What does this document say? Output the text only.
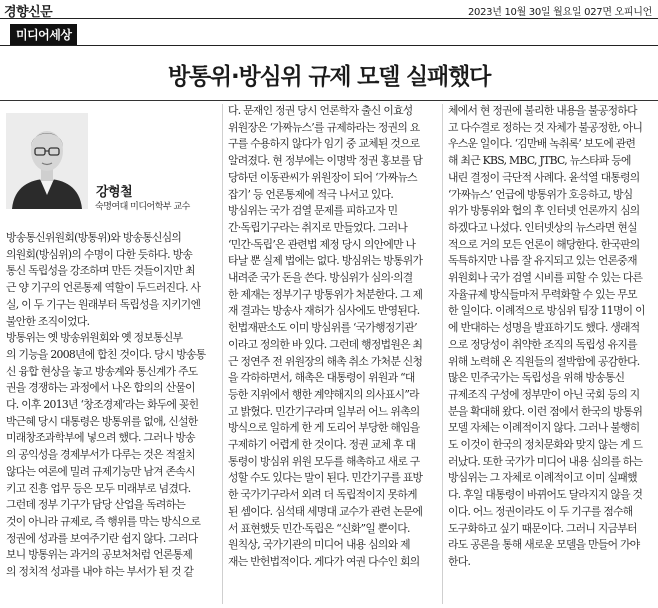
경향신문	2023년 10월 30일 월요일 027면 오피니언
미디어세상
방통위·방심위 규제 모델 실패했다
강형철
숙명여대 미디어학부 교수
방송통신위원회(방통위)와 방송통신심의
의원회(방심위)의 수명이 다한 듯하다. 방송
통신 독립성을 강조하며 만든 것들이지만 최
근 양 기구의 언론통제 역할이 두드러진다. 사
실, 이 두 기구는 원래부터 독립성을 지키기엔
불안한 조직이었다.
방통위는 옛 방송위원회와 옛 정보통신부
의 기능을 2008년에 합친 것이다. 당시 방송통
신 융합 현상을 놓고 방송계와 통신계가 주도
권을 경쟁하는 과정에서 나온 합의의 산물이
다. 이후 2013년 ‘창조경제’라는 화두에 꽂힌
박근혜 당시 대통령은 방통위를 없애, 신설한
미래창조과학부에 넣으려 했다. 그러나 방송
의 공익성을 경제부서가 다루는 것은 적절치
않다는 여론에 밀려 규제기능만 남겨 존속시
키고 진흥 업무 등은 모두 미래부로 넘겼다.
그런데 정부 기구가 담당 산업을 독려하는
것이 아니라 규제로, 즉 행위를 막는 방식으로
정권에 성과를 보여주기란 쉽지 않다. 그러다
보니 방통위는 과거의 공보처처럼 언론통제
의 정치적 성과를 내야 하는 부서가 된 것 같
다. 문재인 정권 당시 언론학자 출신 이효성
위원장은 ‘가짜뉴스’를 규제하라는 정권의 요
구를 수용하지 않다가 임기 중 교체된 것으로
알려졌다. 현 정부에는 이명박 정권 홍보를 담
당하던 이동관씨가 위원장이 되어 ‘가짜뉴스
잡기’ 등 언론통제에 적극 나서고 있다.
방심위는 국가 검열 문제를 피하고자 민
간·독립기구라는 취지로 만들었다. 그러나
‘민간·독립’은 관련법 제정 당시 의안에만 나
타날 뿐 실제 법에는 없다. 방심위는 방통위가
내려준 국가 돈을 쓴다. 방심위가 심의·의결
한 제재는 정부기구 방통위가 처분한다. 그 제
재 결과는 방송사 재허가 심사에도 반영된다.
헌법재판소도 이미 방심위를 ‘국가행정기관’
이라고 정의한 바 있다. 그런데 행정법원은 최
근 정연주 전 위원장의 해촉 취소 가처분 신청
을 각하하면서, 해촉은 대통령이 위원과 “대
등한 지위에서 행한 계약해지의 의사표시”라
고 밝혔다. 민간기구라며 일부러 어느 위촉의
방식으로 일하게 한 게 도리어 부당한 해임을
구제하기 어렵게 한 것이다. 정권 교체 후 대
통령이 방심위 위원 모두를 해촉하고 새로 구
성할 수도 있다는 말이 된다. 민간기구를 표방
한 국가기구라서 외려 더 독립적이지 못하게
된 셈이다. 심석태 세명대 교수가 관련 논문에
서 표현했듯 민간·독립은 “신화”일 뿐이다.
원칙상, 국가기관의 미디어 내용 심의와 제
재는 반헌법적이다. 게다가 여권 다수인 회의
체에서 현 정권에 불리한 내용을 불공정하다
고 다수결로 정하는 것 자체가 불공정한, 아니
우스운 일이다. ‘김만배 녹취록’ 보도에 관련
해 최근 KBS, MBC, JTBC, 뉴스타파 등에
내린 결정이 극단적 사례다. 윤석열 대통령의
‘가짜뉴스’ 언급에 방통위가 호응하고, 방심
위가 방통위와 협의 후 인터넷 언론까지 심의
하겠다고 나섰다. 인터넷상의 뉴스라면 현실
적으로 거의 모든 언론이 해당한다. 한국판의
독특하지만 나름 잘 유지되고 있는 언론중재
위원회나 국가 검열 시비를 피할 수 있는 다른
자율규제 방식들마저 무력화할 수 있는 무모
한 일이다. 이례적으로 방심위 팀장 11명이 이
에 반대하는 성명을 발표하기도 했다. 생래적
으로 정당성이 취약한 조직의 독립성 유지를
위해 노력해 온 직원들의 절박함에 공감한다.
많은 민주국가는 독립성을 위해 방송통신
규제조직 구성에 정부만이 아닌 국회 등의 지
분을 확대해 왔다. 이런 점에서 한국의 방통위
모델 자체는 이례적이지 않다. 그러나 불행히
도 이것이 한국의 정치문화와 맞지 않는 게 드
러났다. 또한 국가가 미디어 내용 심의를 하는
방심위는 그 자체로 이례적이고 이미 실패했
다. 후일 대통령이 바뀌어도 달라지지 않을 것
이다. 어느 정권이라도 이 두 기구를 점수해
도구화하고 싶기 때문이다. 그러니 지금부터
라도 공론을 통해 새로운 모델을 만들어 가야
한다.
